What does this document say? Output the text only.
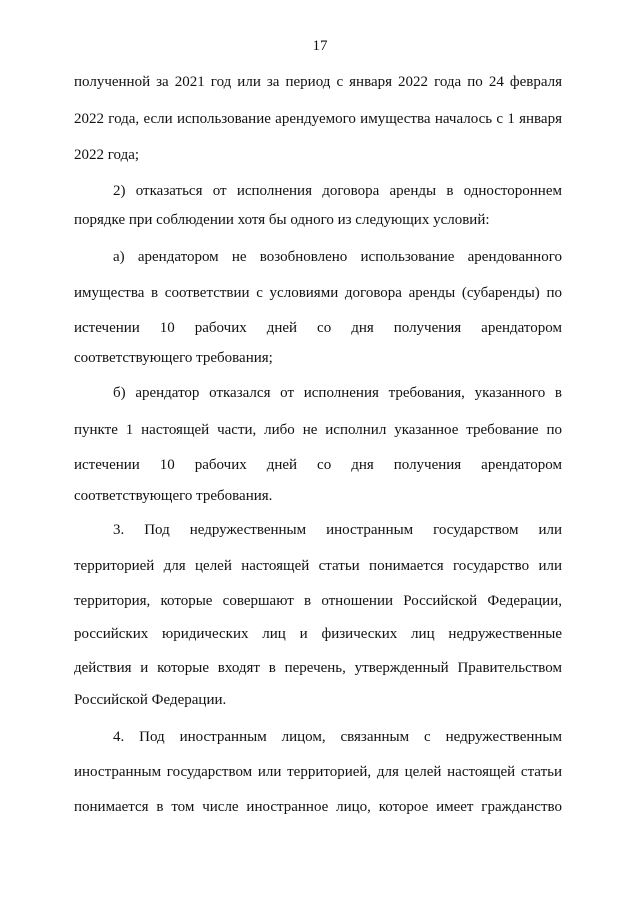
17
полученной за 2021 год или за период с января 2022 года по 24 февраля
2022 года, если использование арендуемого имущества началось с 1 января
2022 года;
2) отказаться от исполнения договора аренды в одностороннем
порядке при соблюдении хотя бы одного из следующих условий:
а) арендатором не возобновлено использование арендованного
имущества в соответствии с условиями договора аренды (субаренды) по
истечении 10 рабочих дней со дня получения арендатором
соответствующего требования;
б) арендатор отказался от исполнения требования, указанного в
пункте 1 настоящей части, либо не исполнил указанное требование по
истечении 10 рабочих дней со дня получения арендатором
соответствующего требования.
3. Под недружественным иностранным государством или
территорией для целей настоящей статьи понимается государство или
территория, которые совершают в отношении Российской Федерации,
российских юридических лиц и физических лиц недружественные
действия и которые входят в перечень, утвержденный Правительством
Российской Федерации.
4. Под иностранным лицом, связанным с недружественным
иностранным государством или территорией, для целей настоящей статьи
понимается в том числе иностранное лицо, которое имеет гражданство
